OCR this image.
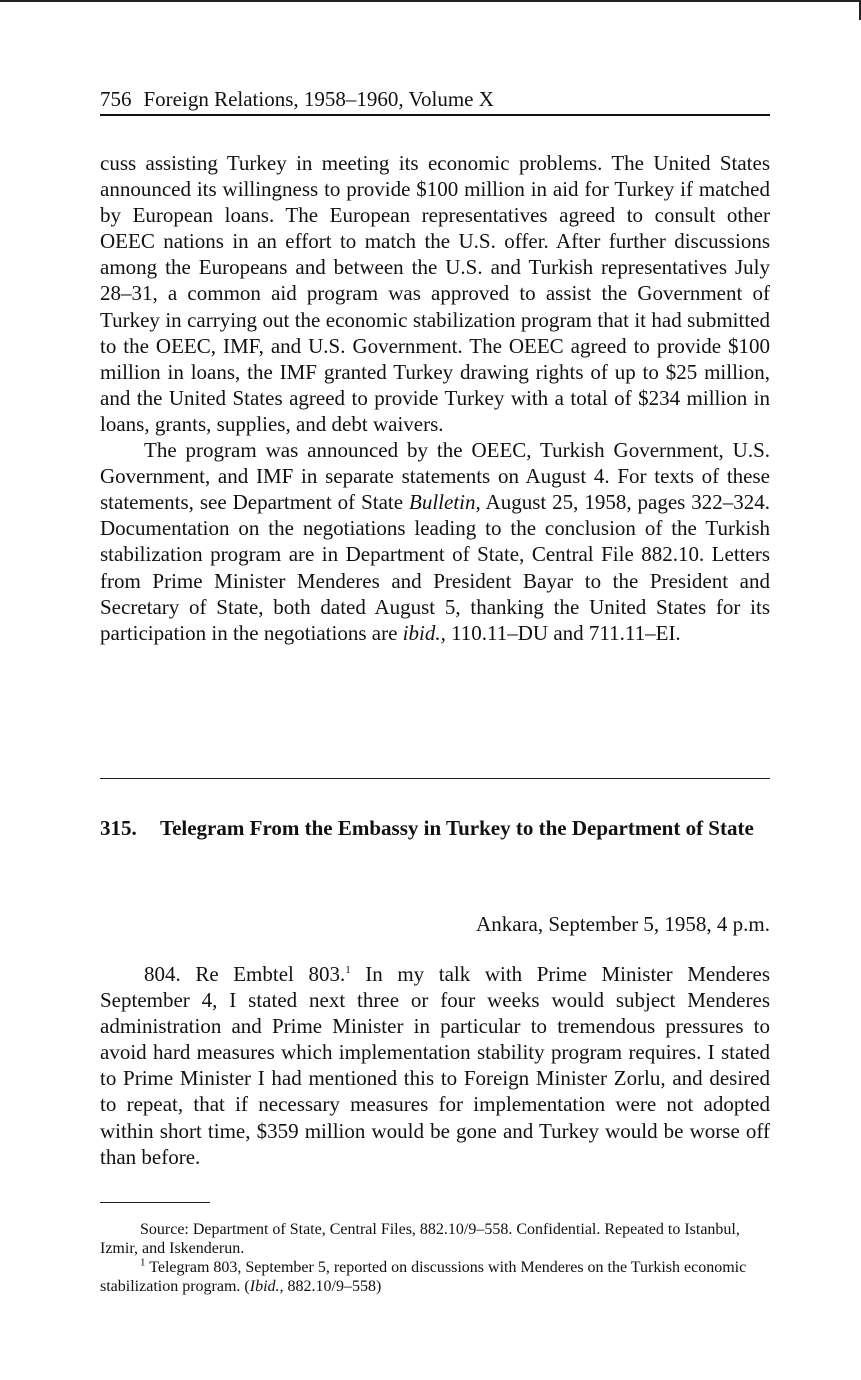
756 Foreign Relations, 1958–1960, Volume X

cuss assisting Turkey in meeting its economic problems. The United States announced its willingness to provide $100 million in aid for Turkey if matched by European loans. The European representatives agreed to consult other OEEC nations in an effort to match the U.S. offer. After further discussions among the Europeans and between the U.S. and Turkish representatives July 28–31, a common aid program was approved to assist the Government of Turkey in carrying out the economic stabilization program that it had submitted to the OEEC, IMF, and U.S. Government. The OEEC agreed to provide $100 million in loans, the IMF granted Turkey drawing rights of up to $25 million, and the United States agreed to provide Turkey with a total of $234 million in loans, grants, supplies, and debt waivers.

The program was announced by the OEEC, Turkish Government, U.S. Government, and IMF in separate statements on August 4. For texts of these statements, see Department of State Bulletin, August 25, 1958, pages 322–324. Documentation on the negotiations leading to the conclusion of the Turkish stabilization program are in Department of State, Central File 882.10. Letters from Prime Minister Menderes and President Bayar to the President and Secretary of State, both dated August 5, thanking the United States for its participation in the negotiations are ibid., 110.11–DU and 711.11–EI.

315.	Telegram From the Embassy in Turkey to the Department of State
Ankara, September 5, 1958, 4 p.m.

804. Re Embtel 803.$^1$ In my talk with Prime Minister Menderes September 4, I stated next three or four weeks would subject Menderes administration and Prime Minister in particular to tremendous pressures to avoid hard measures which implementation stability program requires. I stated to Prime Minister I had mentioned this to Foreign Minister Zorlu, and desired to repeat, that if necessary measures for implementation were not adopted within short time, $359 million would be gone and Turkey would be worse off than before.

Source: Department of State, Central Files, 882.10/9–558. Confidential. Repeated to Istanbul, Izmir, and Iskenderun.

$^1$ Telegram 803, September 5, reported on discussions with Menderes on the Turkish economic stabilization program. (Ibid., 882.10/9–558)
